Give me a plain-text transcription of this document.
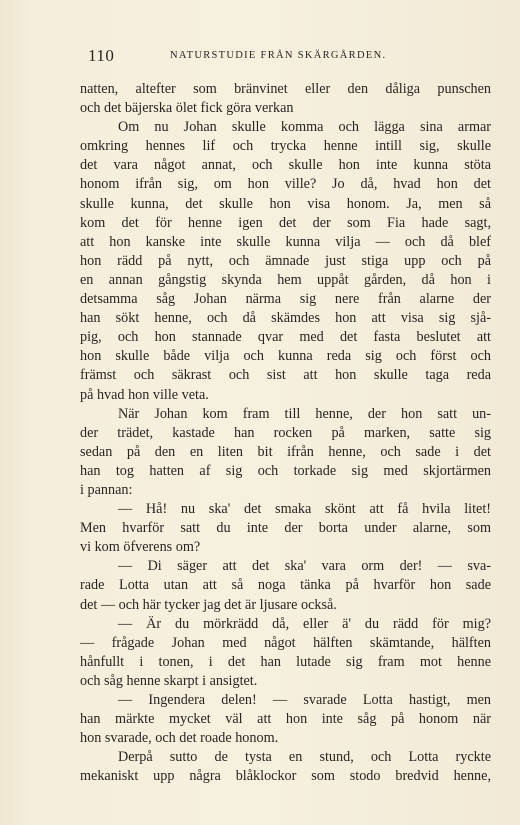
110	NATURSTUDIE FRÅN SKÄRGÅRDEN.
natten, altefter som bränvinet eller den dåliga punschen
och det bäjerska ölet fick göra verkan
Om nu Johan skulle komma och lägga sina armar
omkring hennes lif och trycka henne intill sig, skulle
det vara något annat, och skulle hon inte kunna stöta
honom ifrån sig, om hon ville? Jo då, hvad hon det
skulle kunna, det skulle hon visa honom. Ja, men så
kom det för henne igen det der som Fia hade sagt,
att hon kanske inte skulle kunna vilja — och då blef
hon rädd på nytt, och ämnade just stiga upp och på
en annan gångstig skynda hem uppåt gården, då hon i
detsamma såg Johan närma sig nere från alarne der
han sökt henne, och då skämdes hon att visa sig sjå-
pig, och hon stannade qvar med det fasta beslutet att
hon skulle både vilja och kunna reda sig och först och
främst och säkrast och sist att hon skulle taga reda
på hvad hon ville veta.
När Johan kom fram till henne, der hon satt un-
der trädet, kastade han rocken på marken, satte sig
sedan på den en liten bit ifrån henne, och sade i det
han tog hatten af sig och torkade sig med skjortärmen
i pannan:
— Hå! nu ska' det smaka skönt att få hvila litet!
Men hvarför satt du inte der borta under alarne, som
vi kom öfverens om?
— Di säger att det ska' vara orm der! — sva-
rade Lotta utan att så noga tänka på hvarför hon sade
det — och här tycker jag det är ljusare också.
— Är du mörkrädd då, eller ä' du rädd för mig?
— frågade Johan med något hälften skämtande, hälften
hånfullt i tonen, i det han lutade sig fram mot henne
och såg henne skarpt i ansigtet.
— Ingendera delen! — svarade Lotta hastigt, men
han märkte mycket väl att hon inte såg på honom när
hon svarade, och det roade honom.
Derpå sutto de tysta en stund, och Lotta ryckte
mekaniskt upp några blåklockor som stodo bredvid henne,
